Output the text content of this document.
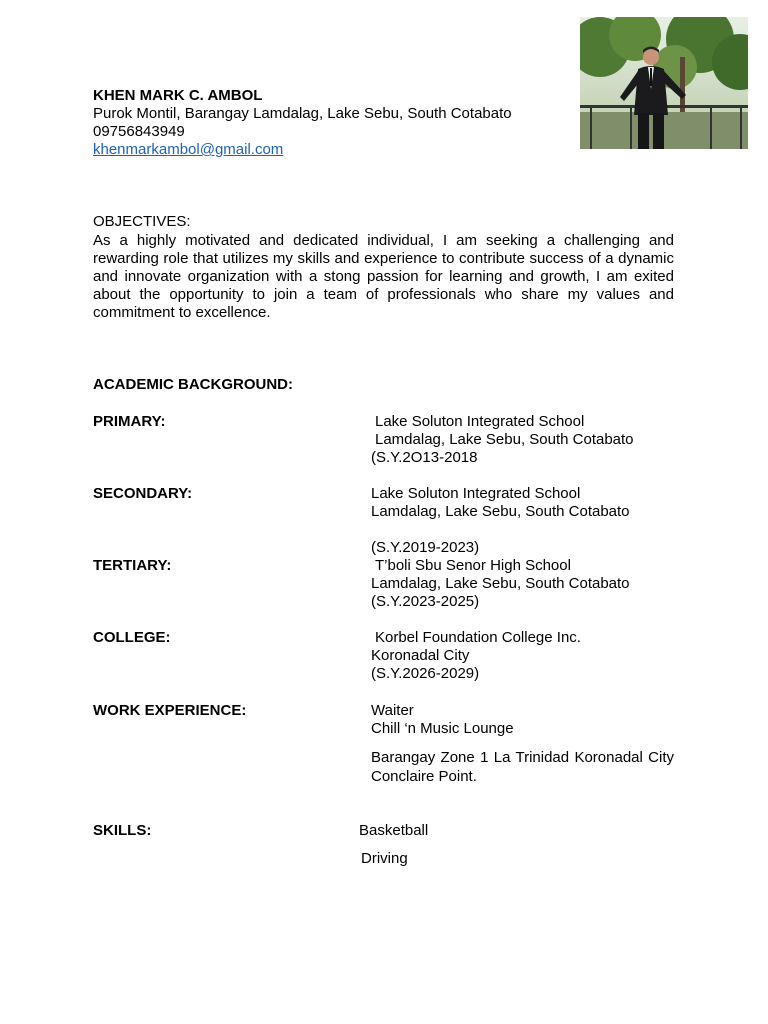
KHEN MARK C. AMBOL
Purok Montil, Barangay Lamdalag, Lake Sebu, South Cotabato
09756843949
khenmarkambol@gmail.com
OBJECTIVES:
As a highly motivated and dedicated individual, I am seeking a challenging and rewarding role that utilizes my skills and experience to contribute success of a dynamic and innovate organization with a stong passion for learning and growth, I am exited about the opportunity to join a team of professionals who share my values and commitment to excellence.
ACADEMIC BACKGROUND:
PRIMARY:	Lake Soluton Integrated School
Lamdalag, Lake Sebu, South Cotabato
(S.Y.2O13-2018
SECONDARY:	Lake Soluton Integrated School
Lamdalag, Lake Sebu, South Cotabato
(S.Y.2019-2023)
TERTIARY:	T’boli Sbu Senor High School
Lamdalag, Lake Sebu, South Cotabato
(S.Y.2023-2025)
COLLEGE:	Korbel Foundation College Inc.
Koronadal City
(S.Y.2026-2029)
WORK EXPERIENCE:	Waiter
Chill ‘n Music Lounge
Barangay Zone 1 La Trinidad Koronadal City Conclaire Point.
SKILLS:	Basketball
Driving
